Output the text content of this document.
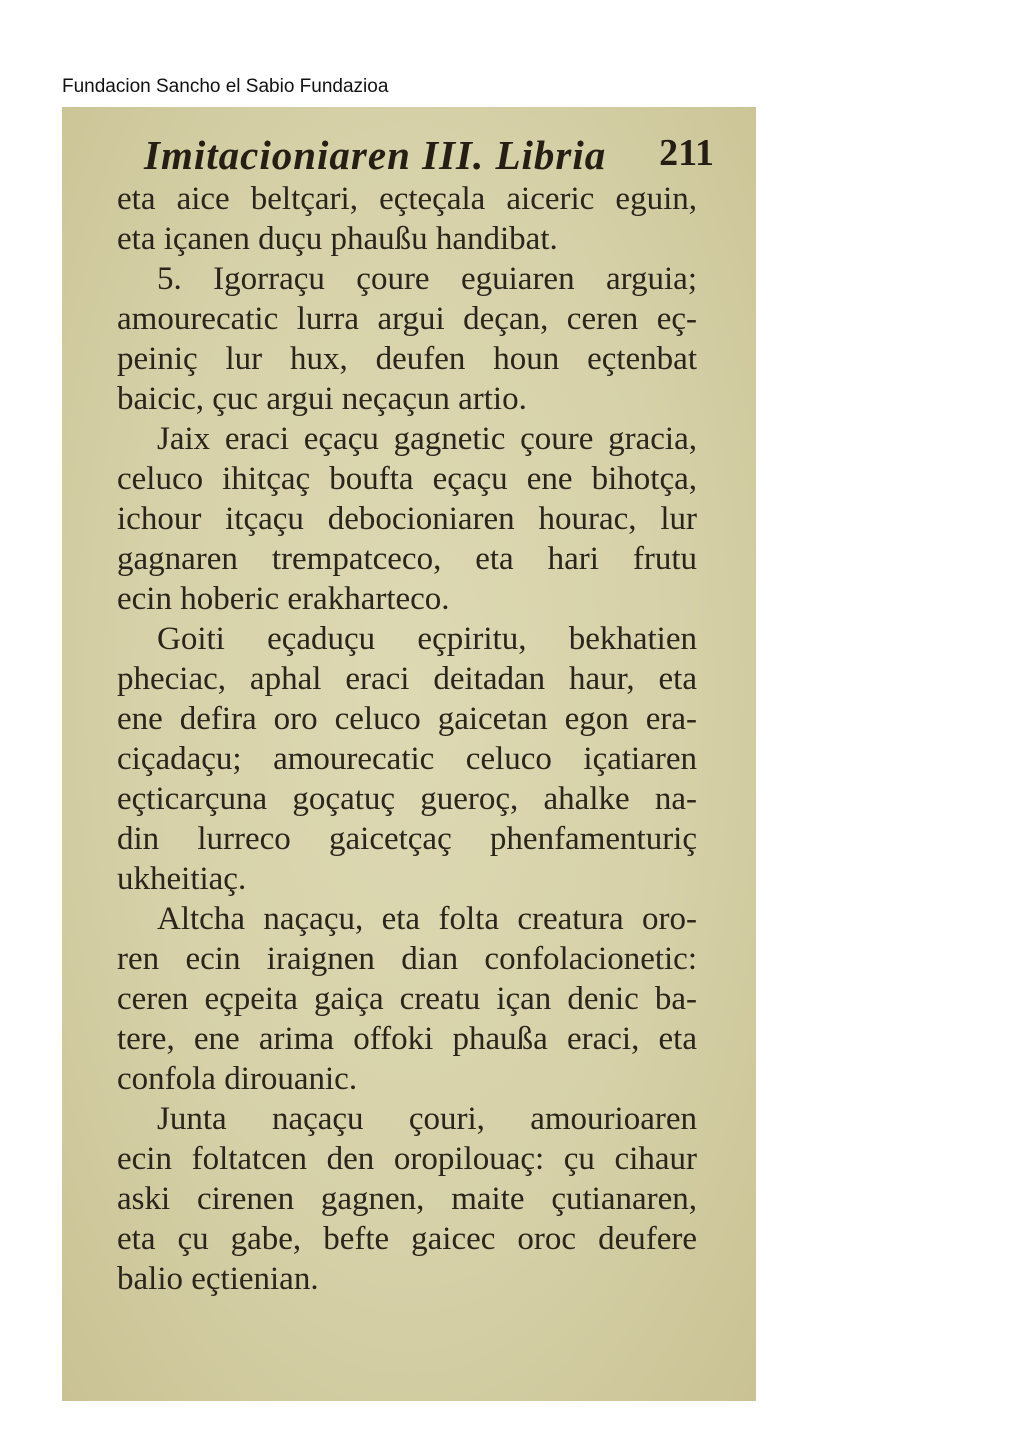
Fundacion Sancho el Sabio Fundazioa
Imitacioniaren III. Libria 211
eta aice beltçari, eçteçala aiceric eguin,
eta içanen duçu phaußu handibat.
5. Igorraçu çoure eguiaren arguia;
amourecatic lurra argui deçan, ceren eç-
peiniç lur hux, deufen houn eçtenbat
baicic, çuc argui neçaçun artio.
Jaix eraci eçaçu gagnetic çoure gracia,
celuco ihitçaç boufta eçaçu ene bihotça,
ichour itçaçu debocioniaren hourac, lur
gagnaren trempatceco, eta hari frutu
ecin hoberic erakharteco.
Goiti eçaduçu eçpiritu, bekhatien
pheciac, aphal eraci deitadan haur, eta
ene defira oro celuco gaicetan egon era-
ciçadaçu; amourecatic celuco içatiaren
eçticarçuna goçatuç gueroç, ahalke na-
din lurreco gaicetçaç phenfamenturiç
ukheitiaç.
Altcha naçaçu, eta folta creatura oro-
ren ecin iraignen dian confolacionetic:
ceren eçpeita gaiça creatu içan denic ba-
tere, ene arima offoki phaußa eraci, eta
confola dirouanic.
Junta naçaçu çouri, amourioaren
ecin foltatcen den oropilouaç: çu cihaur
aski cirenen gagnen, maite çutianaren,
eta çu gabe, befte gaicec oroc deufere
balio eçtienian.
